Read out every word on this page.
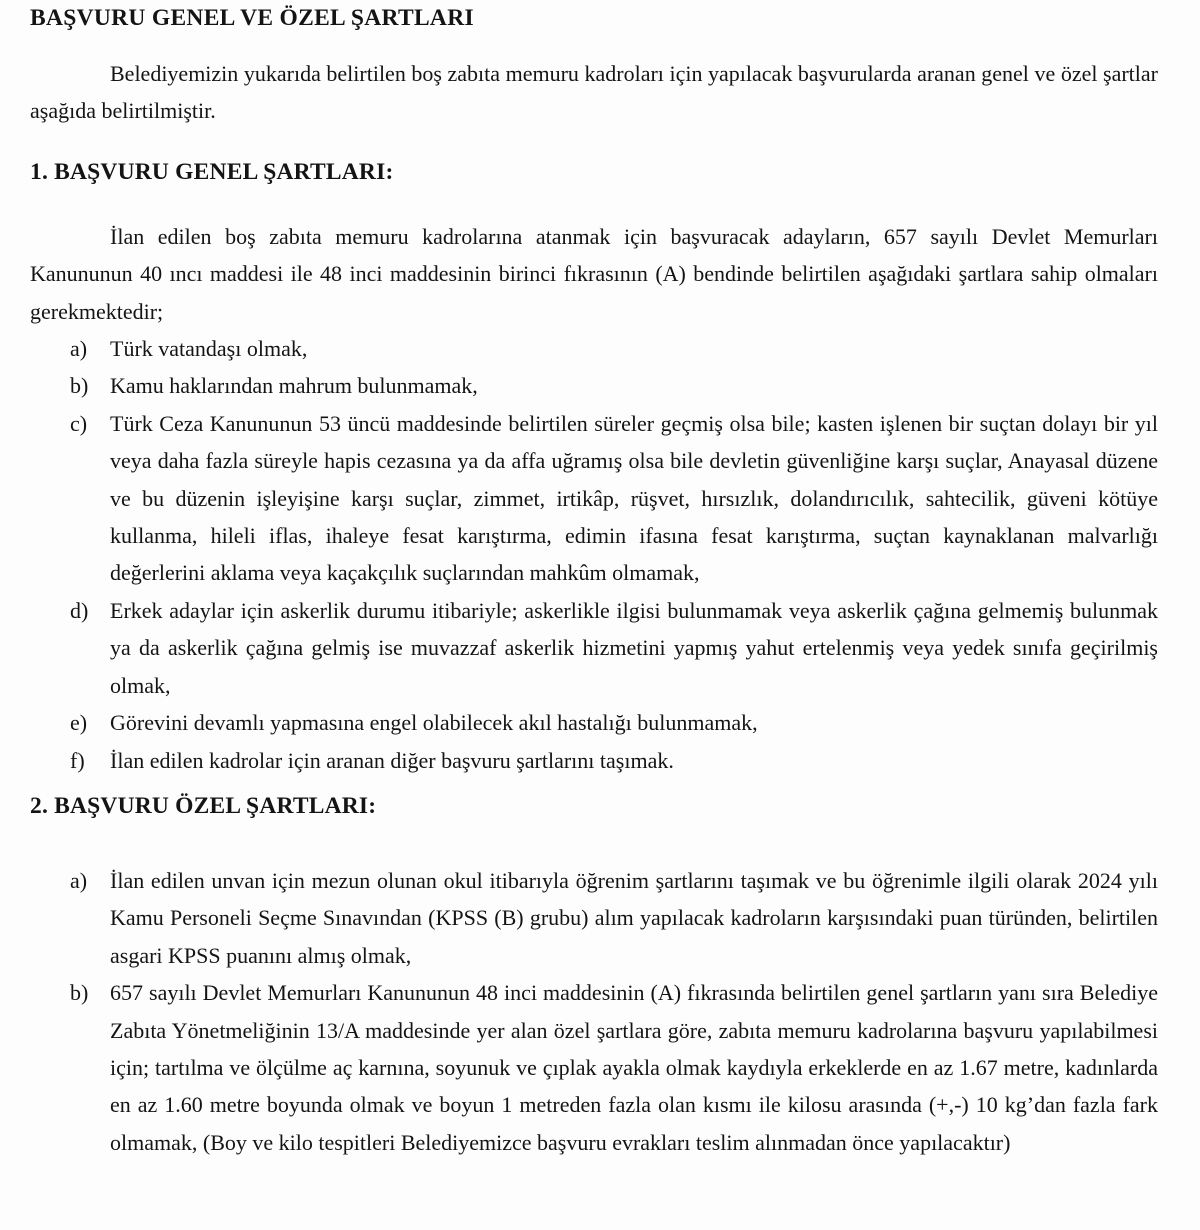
BAŞVURU GENEL VE ÖZEL ŞARTLARI

Belediyemizin yukarıda belirtilen boş zabıta memuru kadroları için yapılacak başvurularda aranan genel ve özel şartlar aşağıda belirtilmiştir.

1. BAŞVURU GENEL ŞARTLARI:

İlan edilen boş zabıta memuru kadrolarına atanmak için başvuracak adayların, 657 sayılı Devlet Memurları Kanununun 40 ıncı maddesi ile 48 inci maddesinin birinci fıkrasının (A) bendinde belirtilen aşağıdaki şartlara sahip olmaları gerekmektedir;

a) Türk vatandaşı olmak,
b) Kamu haklarından mahrum bulunmamak,
c) Türk Ceza Kanununun 53 üncü maddesinde belirtilen süreler geçmiş olsa bile; kasten işlenen bir suçtan dolayı bir yıl veya daha fazla süreyle hapis cezasına ya da affa uğramış olsa bile devletin güvenliğine karşı suçlar, Anayasal düzene ve bu düzenin işleyişine karşı suçlar, zimmet, irtikâp, rüşvet, hırsızlık, dolandırıcılık, sahtecilik, güveni kötüye kullanma, hileli iflas, ihaleye fesat karıştırma, edimin ifasına fesat karıştırma, suçtan kaynaklanan malvarlığı değerlerini aklama veya kaçakçılık suçlarından mahkûm olmamak,
d) Erkek adaylar için askerlik durumu itibariyle; askerlikle ilgisi bulunmamak veya askerlik çağına gelmemiş bulunmak ya da askerlik çağına gelmiş ise muvazzaf askerlik hizmetini yapmış yahut ertelenmiş veya yedek sınıfa geçirilmiş olmak,
e) Görevini devamlı yapmasına engel olabilecek akıl hastalığı bulunmamak,
f) İlan edilen kadrolar için aranan diğer başvuru şartlarını taşımak.
2. BAŞVURU ÖZEL ŞARTLARI:
a) İlan edilen unvan için mezun olunan okul itibarıyla öğrenim şartlarını taşımak ve bu öğrenimle ilgili olarak 2024 yılı Kamu Personeli Seçme Sınavından (KPSS (B) grubu) alım yapılacak kadroların karşısındaki puan türünden, belirtilen asgari KPSS puanını almış olmak,
b) 657 sayılı Devlet Memurları Kanununun 48 inci maddesinin (A) fıkrasında belirtilen genel şartların yanı sıra Belediye Zabıta Yönetmeliğinin 13/A maddesinde yer alan özel şartlara göre, zabıta memuru kadrolarına başvuru yapılabilmesi için; tartılma ve ölçülme aç karnına, soyunuk ve çıplak ayakla olmak kaydıyla erkeklerde en az 1.67 metre, kadınlarda en az 1.60 metre boyunda olmak ve boyun 1 metreden fazla olan kısmı ile kilosu arasında (+,-) 10 kg’dan fazla fark olmamak, (Boy ve kilo tespitleri Belediyemizce başvuru evrakları teslim alınmadan önce yapılacaktır)
